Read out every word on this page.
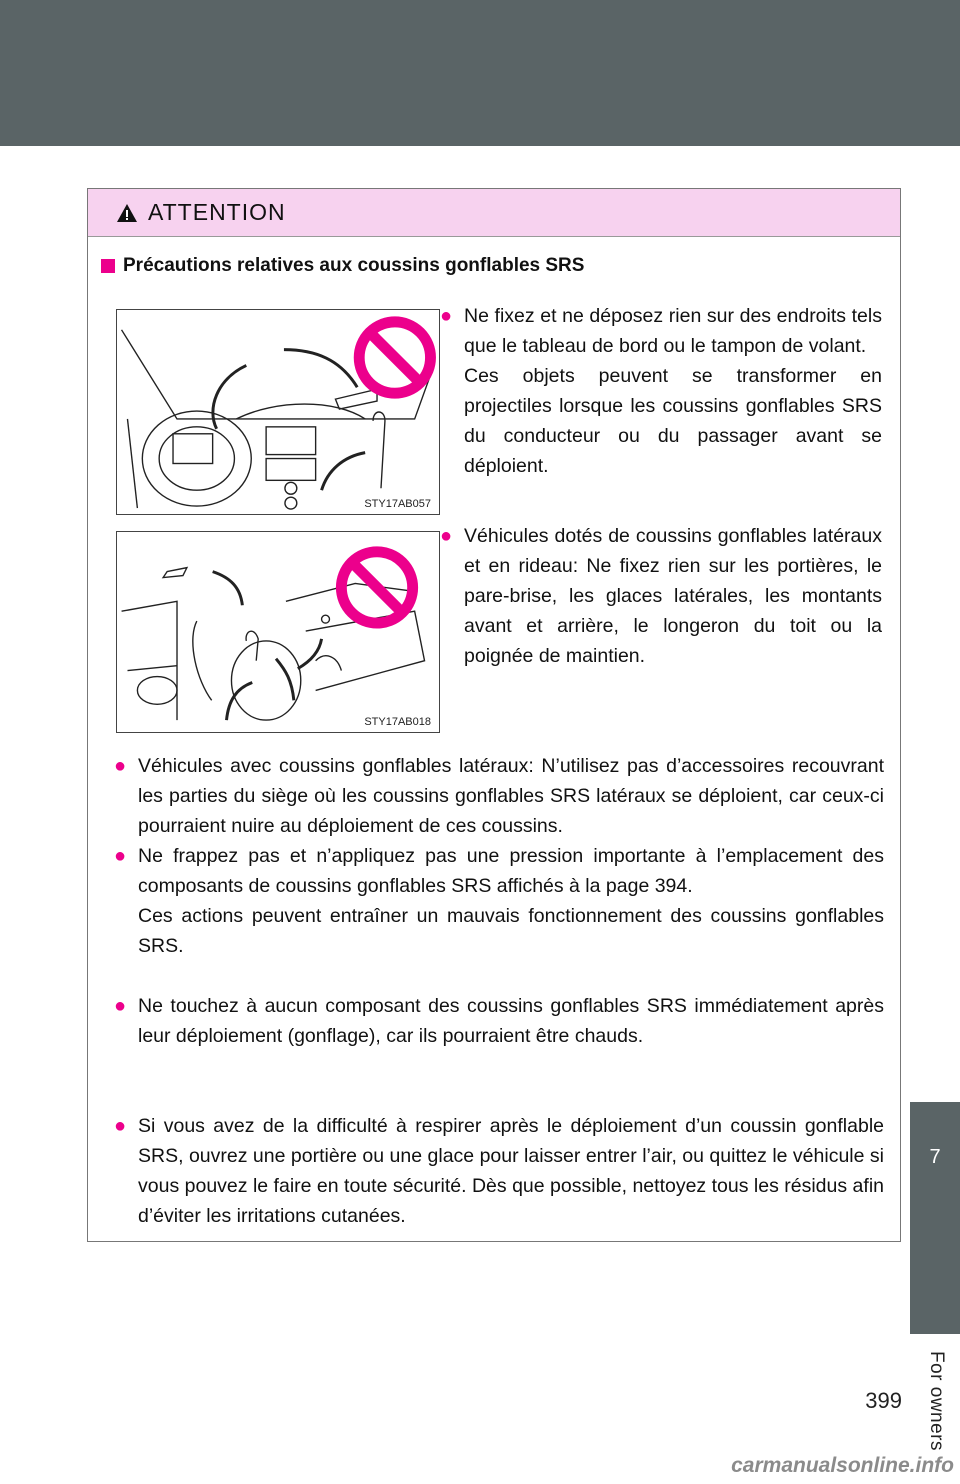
7
For owners
399
ATTENTION
Précautions relatives aux coussins gonflables SRS
STY17AB057
STY17AB018
● Ne fixez et ne déposez rien sur des endroits tels que le tableau de bord ou le tampon de volant.
Ces objets peuvent se transformer en projectiles lorsque les coussins gonflables SRS du conducteur ou du passager avant se déploient.
● Véhicules dotés de coussins gonflables latéraux et en rideau: Ne fixez rien sur les portières, le pare-brise, les glaces latérales, les montants avant et arrière, le longeron du toit ou la poignée de maintien.
● Véhicules avec coussins gonflables latéraux: N’utilisez pas d’accessoires recouvrant les parties du siège où les coussins gonflables SRS latéraux se déploient, car ceux-ci pourraient nuire au déploiement de ces coussins.
● Ne frappez pas et n’appliquez pas une pression importante à l’emplacement des composants de coussins gonflables SRS affichés à la page 394.
Ces actions peuvent entraîner un mauvais fonctionnement des coussins gonflables SRS.
● Ne touchez à aucun composant des coussins gonflables SRS immédiatement après leur déploiement (gonflage), car ils pourraient être chauds.
● Si vous avez de la difficulté à respirer après le déploiement d’un coussin gonflable SRS, ouvrez une portière ou une glace pour laisser entrer l’air, ou quittez le véhicule si vous pouvez le faire en toute sécurité. Dès que possible, nettoyez tous les résidus afin d’éviter les irritations cutanées.
carmanualsonline.info
